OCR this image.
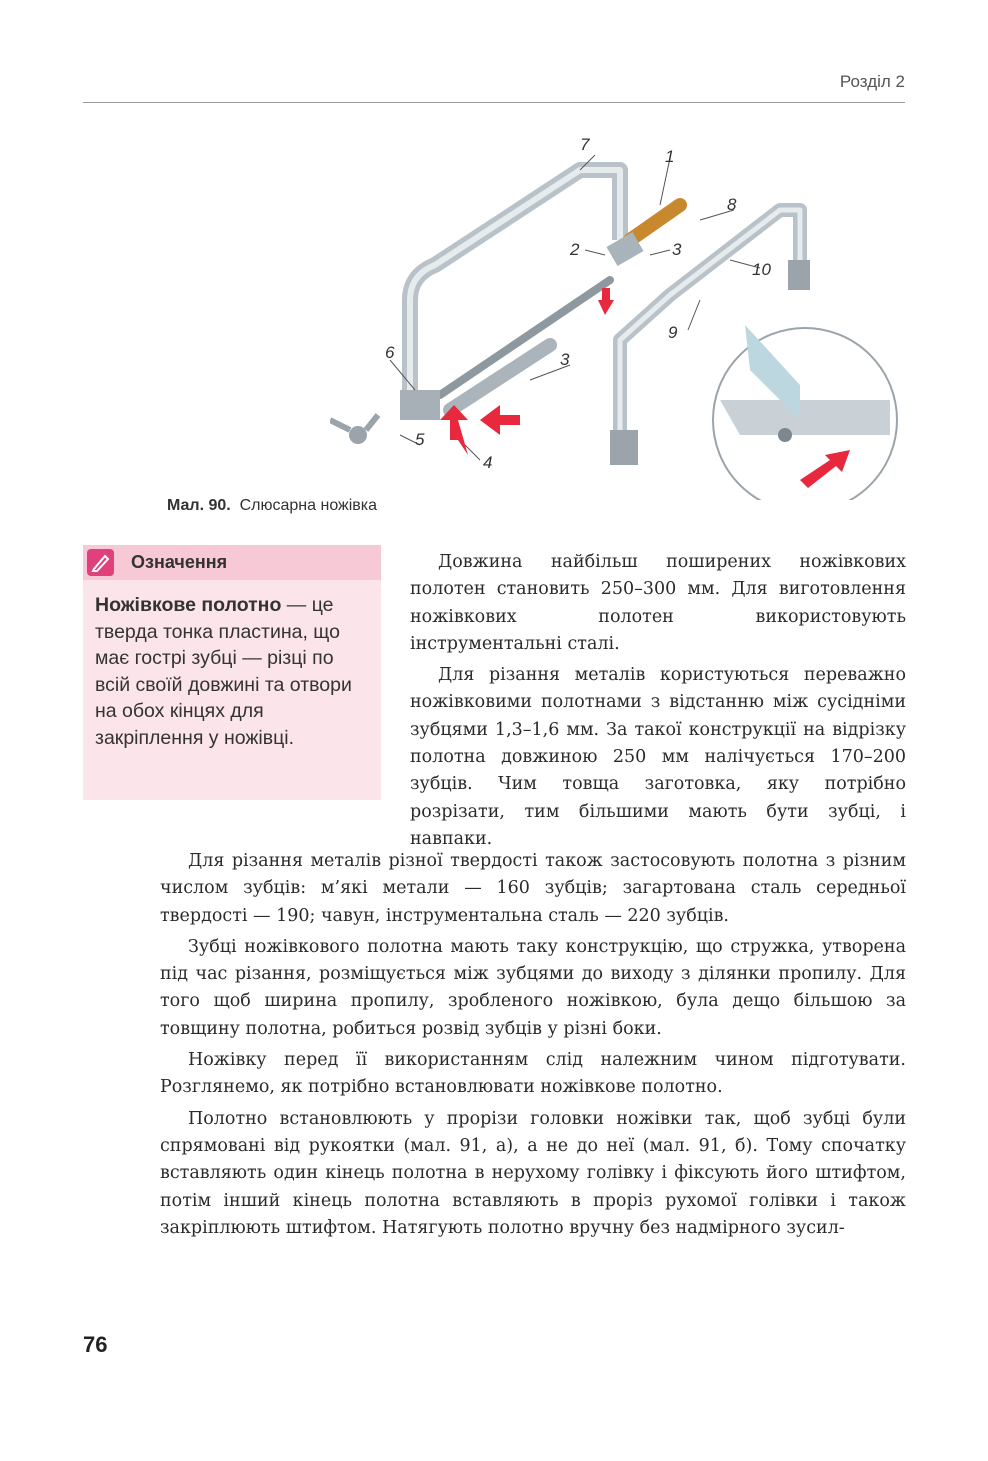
Розділ 2
7
1
8
2	3
10
9
6	3
5
4
Мал. 90. Слюсарна ножівка
Означення
Ножівкове полотно — це тверда тонка пластина, що має гострі зубці — різці по всій своїй довжині та отвори на обох кінцях для закріплення у ножівці.

Довжина найбільш поширених ножівкових полотен становить 250–300 мм. Для виготовлення ножівкових полотен використовують інструментальні сталі.

Для різання металів користуються переважно ножівковими полотнами з відстанню між сусідніми зубцями 1,3–1,6 мм. За такої конструкції на відрізку полотна довжиною 250 мм налічується 170–200 зубців. Чим товща заготовка, яку потрібно розрізати, тим більшими мають бути зубці, і навпаки.

Для різання металів різної твердості також застосовують полотна з різним числом зубців: м’які метали — 160 зубців; загартована сталь середньої твердості — 190; чавун, інструментальна сталь — 220 зубців.

Зубці ножівкового полотна мають таку конструкцію, що стружка, утворена під час різання, розміщується між зубцями до виходу з ділянки пропилу. Для того щоб ширина пропилу, зробленого ножівкою, була дещо більшою за товщину полотна, робиться розвід зубців у різні боки.

Ножівку перед її використанням слід належним чином підготувати. Розглянемо, як потрібно встановлювати ножівкове полотно.

Полотно встановлюють у прорізи головки ножівки так, щоб зубці були спрямовані від рукоятки (мал. 91, а), а не до неї (мал. 91, б). Тому спочатку вставляють один кінець полотна в нерухому голівку і фіксують його штифтом, потім інший кінець полотна вставляють в проріз рухомої голівки і також закріплюють штифтом. Натягують полотно вручну без надмірного зусил-

76
